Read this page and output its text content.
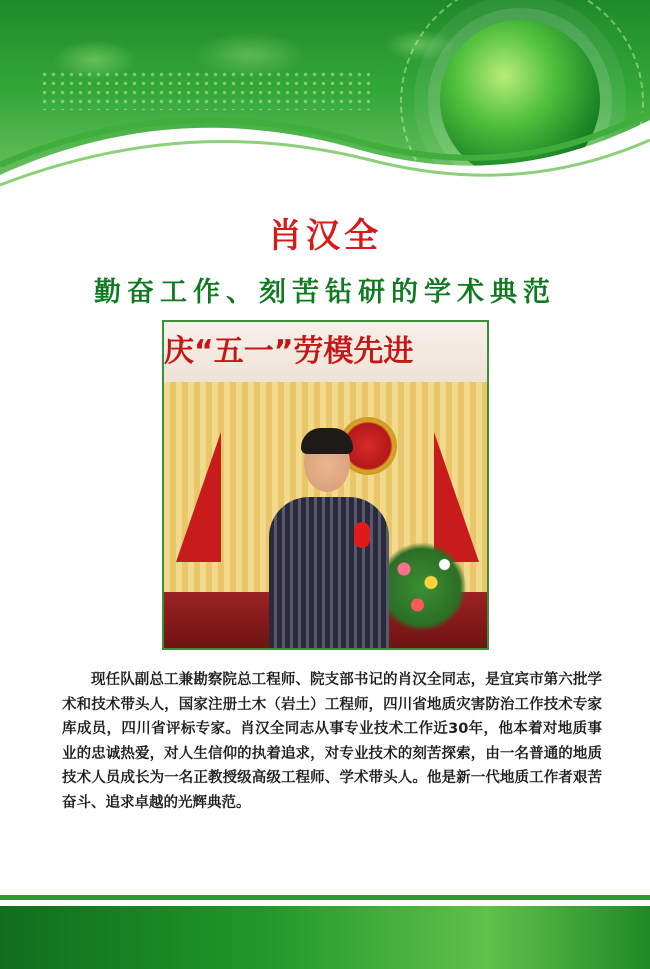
肖汉全
勤奋工作、刻苦钻研的学术典范
庆“五一”劳模先进
现任队副总工兼勘察院总工程师、院支部书记的肖汉全同志，是宜宾市第六批学术和技术带头人，国家注册土木（岩土）工程师，四川省地质灾害防治工作技术专家库成员，四川省评标专家。肖汉全同志从事专业技术工作近30年，他本着对地质事业的忠诚热爱，对人生信仰的执着追求，对专业技术的刻苦探索，由一名普通的地质技术人员成长为一名正教授级高级工程师、学术带头人。他是新一代地质工作者艰苦奋斗、追求卓越的光辉典范。
